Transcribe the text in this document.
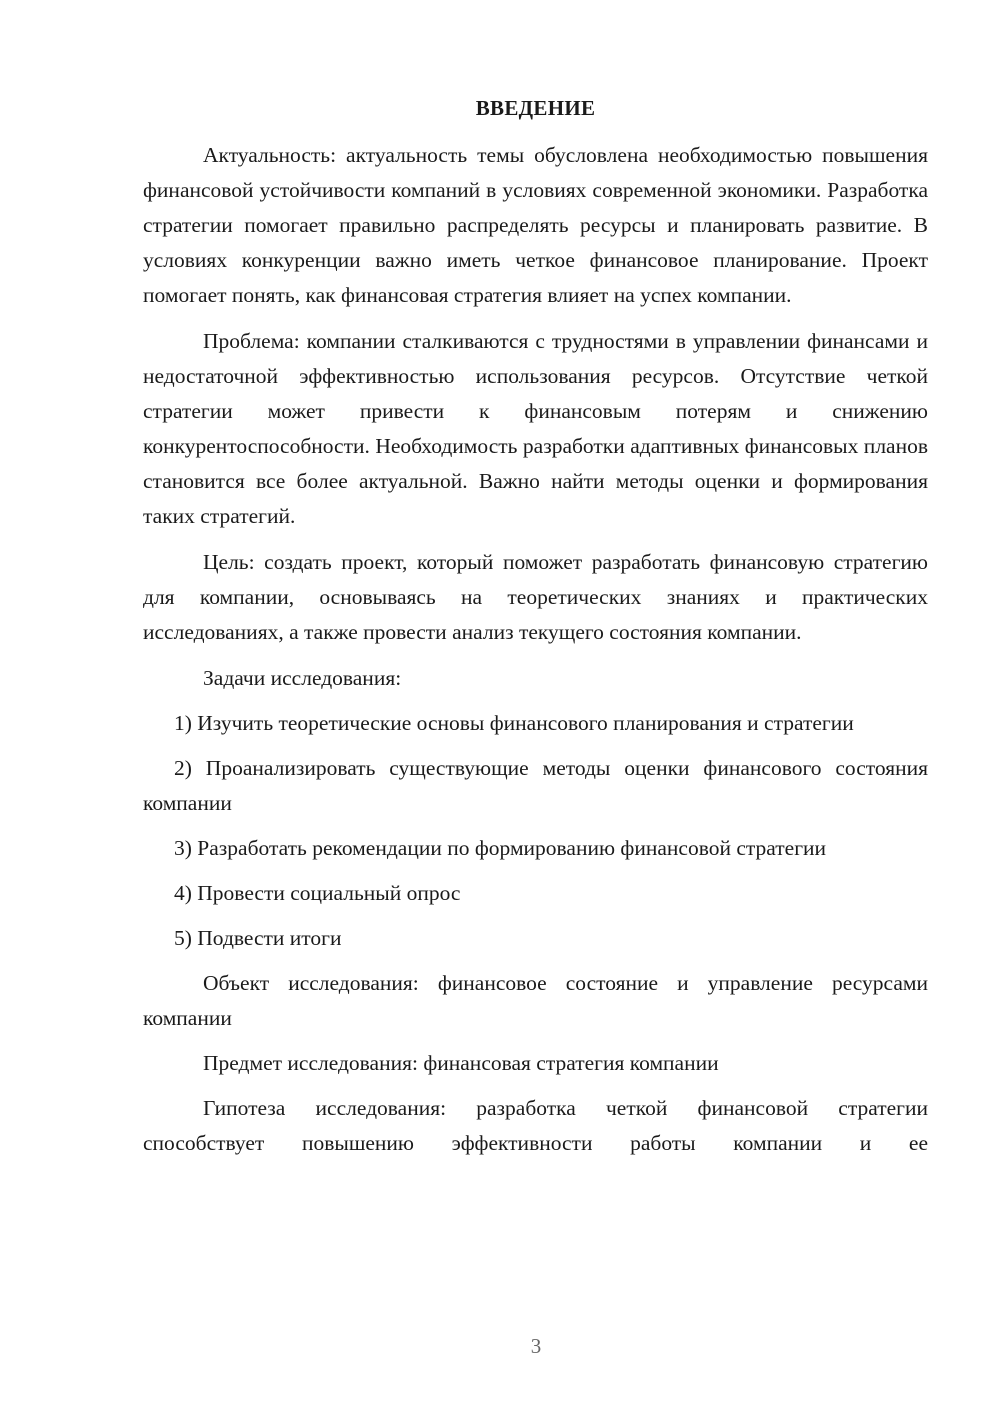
ВВЕДЕНИЕ

Актуальность: актуальность темы обусловлена необходимостью повышения финансовой устойчивости компаний в условиях современной экономики. Разработка стратегии помогает правильно распределять ресурсы и планировать развитие. В условиях конкуренции важно иметь четкое финансовое планирование. Проект помогает понять, как финансовая стратегия влияет на успех компании.

Проблема: компании сталкиваются с трудностями в управлении финансами и недостаточной эффективностью использования ресурсов. Отсутствие четкой стратегии может привести к финансовым потерям и снижению конкурентоспособности. Необходимость разработки адаптивных финансовых планов становится все более актуальной. Важно найти методы оценки и формирования таких стратегий.

Цель: создать проект, который поможет разработать финансовую стратегию для компании, основываясь на теоретических знаниях и практических исследованиях, а также провести анализ текущего состояния компании.

Задачи исследования:

1) Изучить теоретические основы финансового планирования и стратегии

2) Проанализировать существующие методы оценки финансового состояния компании

3) Разработать рекомендации по формированию финансовой стратегии

4) Провести социальный опрос

5) Подвести итоги

Объект исследования: финансовое состояние и управление ресурсами компании

Предмет исследования: финансовая стратегия компании

Гипотеза исследования: разработка четкой финансовой стратегии способствует повышению эффективности работы компании и ее

3
